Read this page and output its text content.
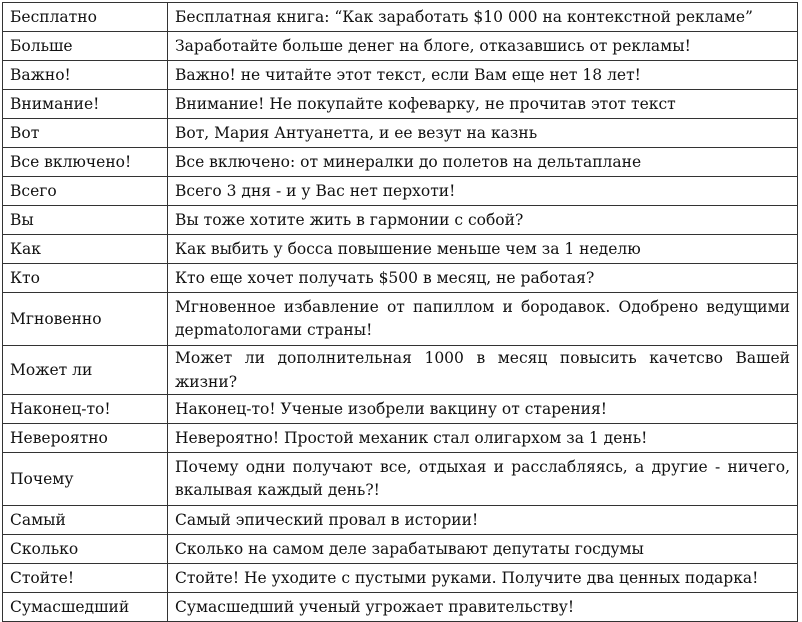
Бесплатно	Бесплатная книга: “Как заработать $10 000 на контекстной рекламе”
Больше	Заработайте больше денег на блоге, отказавшись от рекламы!
Важно!	Важно! не читайте этот текст, если Вам еще нет 18 лет!
Внимание!	Внимание! Не покупайте кофеварку, не прочитав этот текст
Вот	Вот, Мария Антуанетта, и ее везут на казнь
Все включено!	Все включено: от минералки до полетов на дельтаплане
Всего	Всего 3 дня - и у Вас нет перхоти!
Вы	Вы тоже хотите жить в гармонии с собой?
Как	Как выбить у босса повышение меньше чем за 1 неделю
Кто	Кто еще хочет получать $500 в месяц, не работая?
Мгновенно	Мгновенное избавление от папиллом и бородавок. Одобрено ведущими дерmatологами страны!
Может ли	Может ли дополнительная 1000 в месяц повысить качетсво Вашей жизни?
Наконец-то!	Наконец-то! Ученые изобрели вакцину от старения!
Невероятно	Невероятно! Простой механик стал олигархом за 1 день!
Почему	Почему одни получают все, отдыхая и расслабляясь, а другие - ничего, вкалывая каждый день?!
Самый	Самый эпический провал в истории!
Сколько	Сколько на самом деле зарабатывают депутаты госдумы
Стойте!	Стойте! Не уходите с пустыми руками. Получите два ценных подарка!
Сумасшедший	Сумасшедший ученый угрожает правительству!
